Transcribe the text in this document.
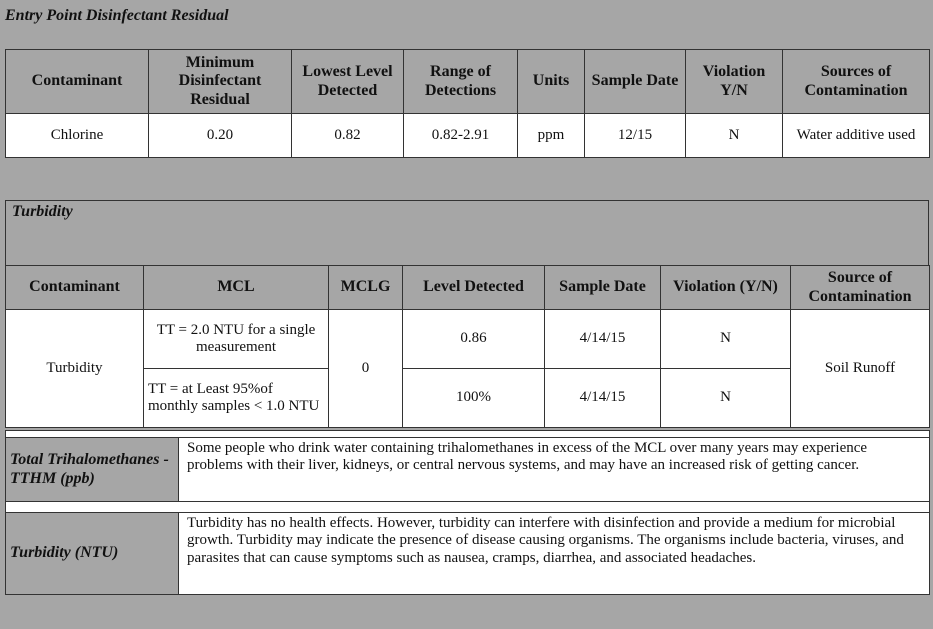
Entry Point Disinfectant Residual
Contaminant	Minimum Disinfectant Residual	Lowest Level Detected	Range of Detections	Units	Sample Date	Violation Y/N	Sources of Contamination
Chlorine	0.20	0.82	0.82-2.91	ppm	12/15	N	Water additive used
Turbidity
Contaminant	MCL	MCLG	Level Detected	Sample Date	Violation (Y/N)	Source of Contamination
Turbidity	TT = 2.0 NTU for a single measurement	0	0.86	4/14/15	N	Soil Runoff
	TT = at Least 95%of monthly samples < 1.0 NTU		100%	4/14/15	N	

Total Trihalomethanes - TTHM (ppb)	Some people who drink water containing trihalomethanes in excess of the MCL over many years may experience problems with their liver, kidneys, or central nervous systems, and may have an increased risk of getting cancer.

Turbidity (NTU)	Turbidity has no health effects. However, turbidity can interfere with disinfection and provide a medium for microbial growth. Turbidity may indicate the presence of disease causing organisms. The organisms include bacteria, viruses, and parasites that can cause symptoms such as nausea, cramps, diarrhea, and associated headaches.
